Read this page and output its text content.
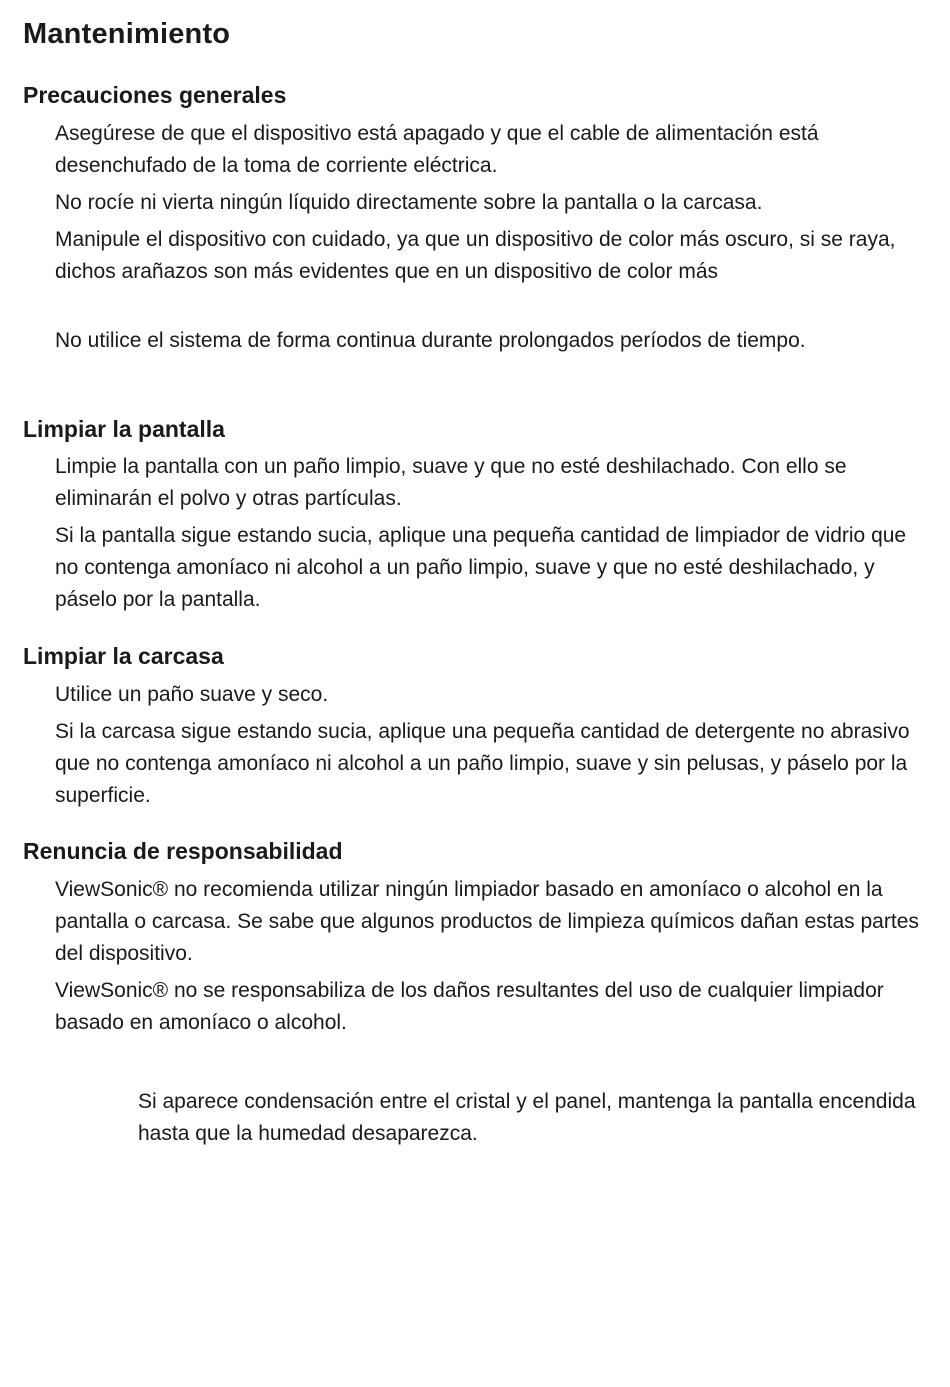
Mantenimiento
Precauciones generales

Asegúrese de que el dispositivo está apagado y que el cable de alimentación está desenchufado de la toma de corriente eléctrica.

No rocíe ni vierta ningún líquido directamente sobre la pantalla o la carcasa.

Manipule el dispositivo con cuidado, ya que un dispositivo de color más oscuro, si se raya, dichos arañazos son más evidentes que en un dispositivo de color más

No utilice el sistema de forma continua durante prolongados períodos de tiempo.

Limpiar la pantalla

Limpie la pantalla con un paño limpio, suave y que no esté deshilachado. Con ello se eliminarán el polvo y otras partículas.

Si la pantalla sigue estando sucia, aplique una pequeña cantidad de limpiador de vidrio que no contenga amoníaco ni alcohol a un paño limpio, suave y que no esté deshilachado, y páselo por la pantalla.

Limpiar la carcasa

Utilice un paño suave y seco.

Si la carcasa sigue estando sucia, aplique una pequeña cantidad de detergente no abrasivo que no contenga amoníaco ni alcohol a un paño limpio, suave y sin pelusas, y páselo por la superficie.

Renuncia de responsabilidad

ViewSonic® no recomienda utilizar ningún limpiador basado en amoníaco o alcohol en la pantalla o carcasa. Se sabe que algunos productos de limpieza químicos dañan estas partes del dispositivo.

ViewSonic® no se responsabiliza de los daños resultantes del uso de cualquier limpiador basado en amoníaco o alcohol.

Si aparece condensación entre el cristal y el panel, mantenga la pantalla encendida hasta que la humedad desaparezca.
